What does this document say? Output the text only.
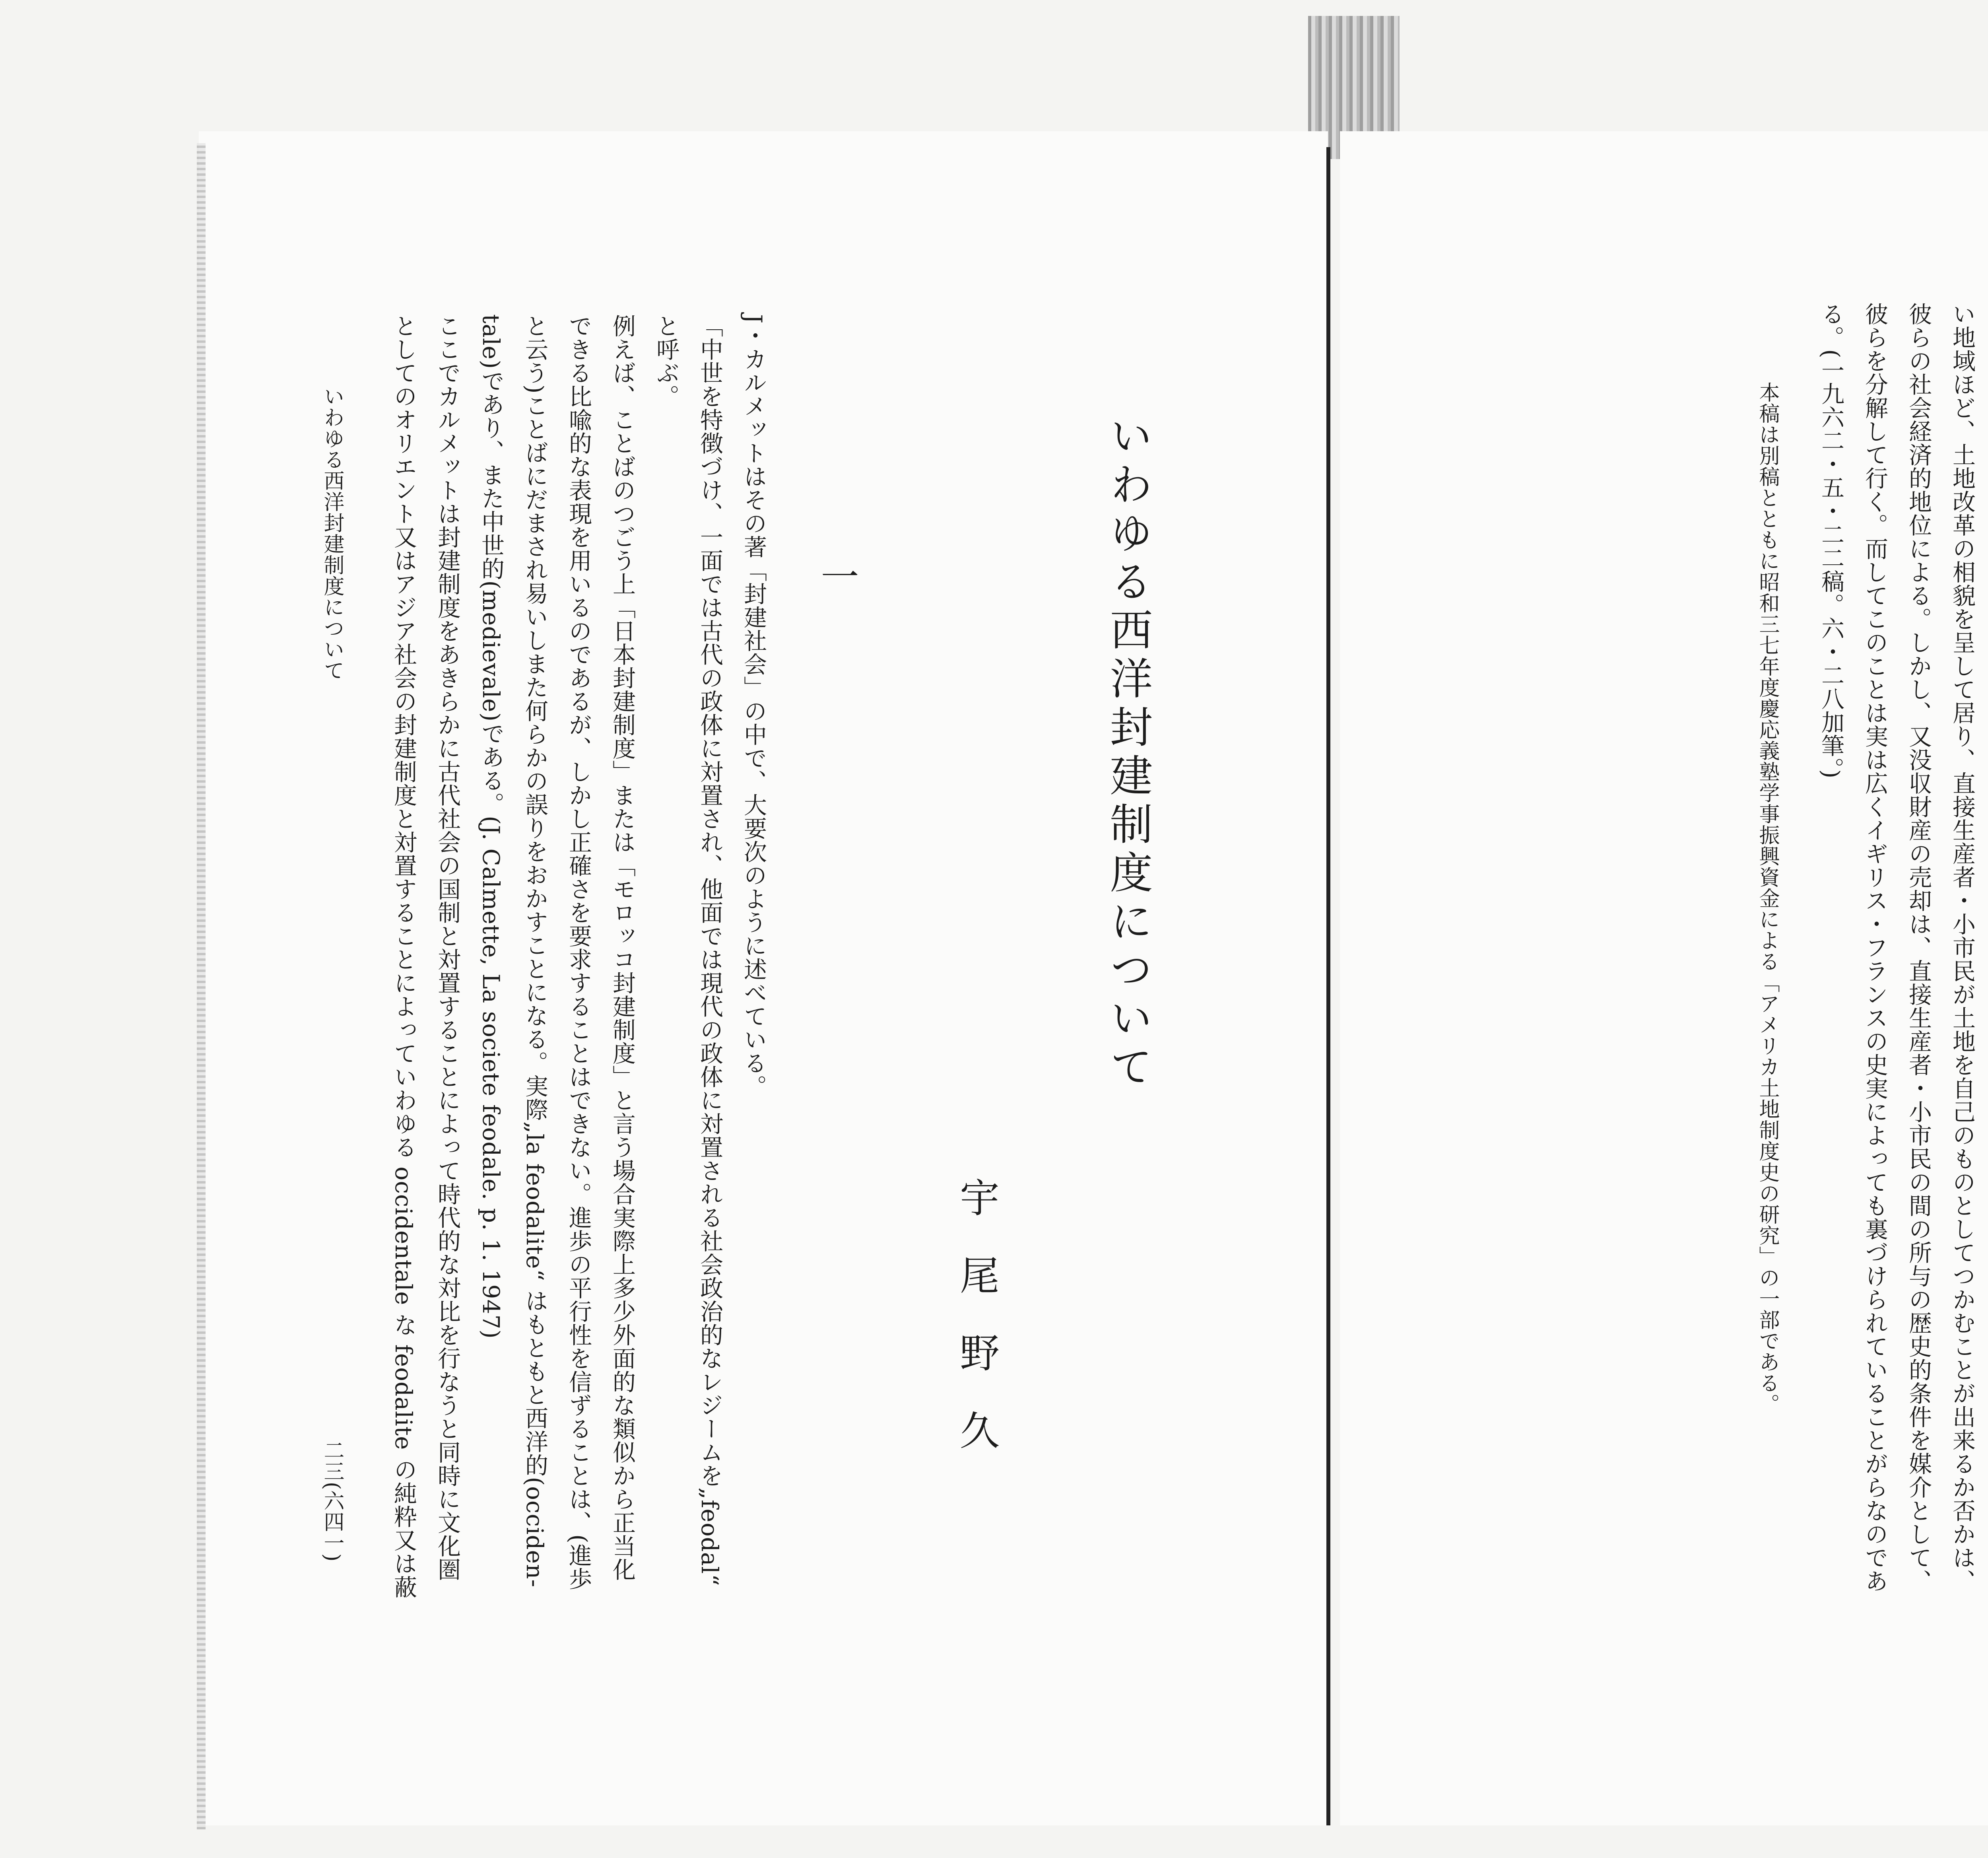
い地域ほど、土地改革の相貌を呈して居り、直接生産者・小市民が土地を自己のものとしてつかむことが出来るか否かは、
彼らの社会経済的地位による。しかし、又没収財産の売却は、直接生産者・小市民の間の所与の歴史的条件を媒介として、
彼らを分解して行く。而してこのことは実は広くイギリス・フランスの史実によっても裏づけられていることがらなのであ
る。(一九六二・五・二二稿。六・二八加筆。)
本稿は別稿とともに昭和三七年度慶応義塾学事振興資金による「アメリカ土地制度史の研究」の一部である。
いわゆる西洋封建制度について
宇尾野久
一
J・カルメットはその著「封建社会」の中で、大要次のように述べている。
「中世を特徴づけ、一面では古代の政体に対置され、他面では現代の政体に対置される社会政治的なレジームを„feodal“
と呼ぶ。
例えば、ことばのつごう上「日本封建制度」または「モロッコ封建制度」と言う場合実際上多少外面的な類似から正当化
できる比喩的な表現を用いるのであるが、しかし正確さを要求することはできない。進歩の平行性を信ずることは、(進歩
と云う)ことばにだまされ易いしまた何らかの誤りをおかすことになる。実際„la feodalite“ はもともと西洋的(occiden-
tale)であり、また中世的(medievale)である。(J. Calmette, La societe feodale. p. 1. 1947)
ここでカルメットは封建制度をあきらかに古代社会の国制と対置することによって時代的な対比を行なうと同時に文化圏
としてのオリエント又はアジア社会の封建制度と対置することによっていわゆる occidentale な feodalite の純粋又は蔽
いわゆる西洋封建制度について
二三(六四一)
